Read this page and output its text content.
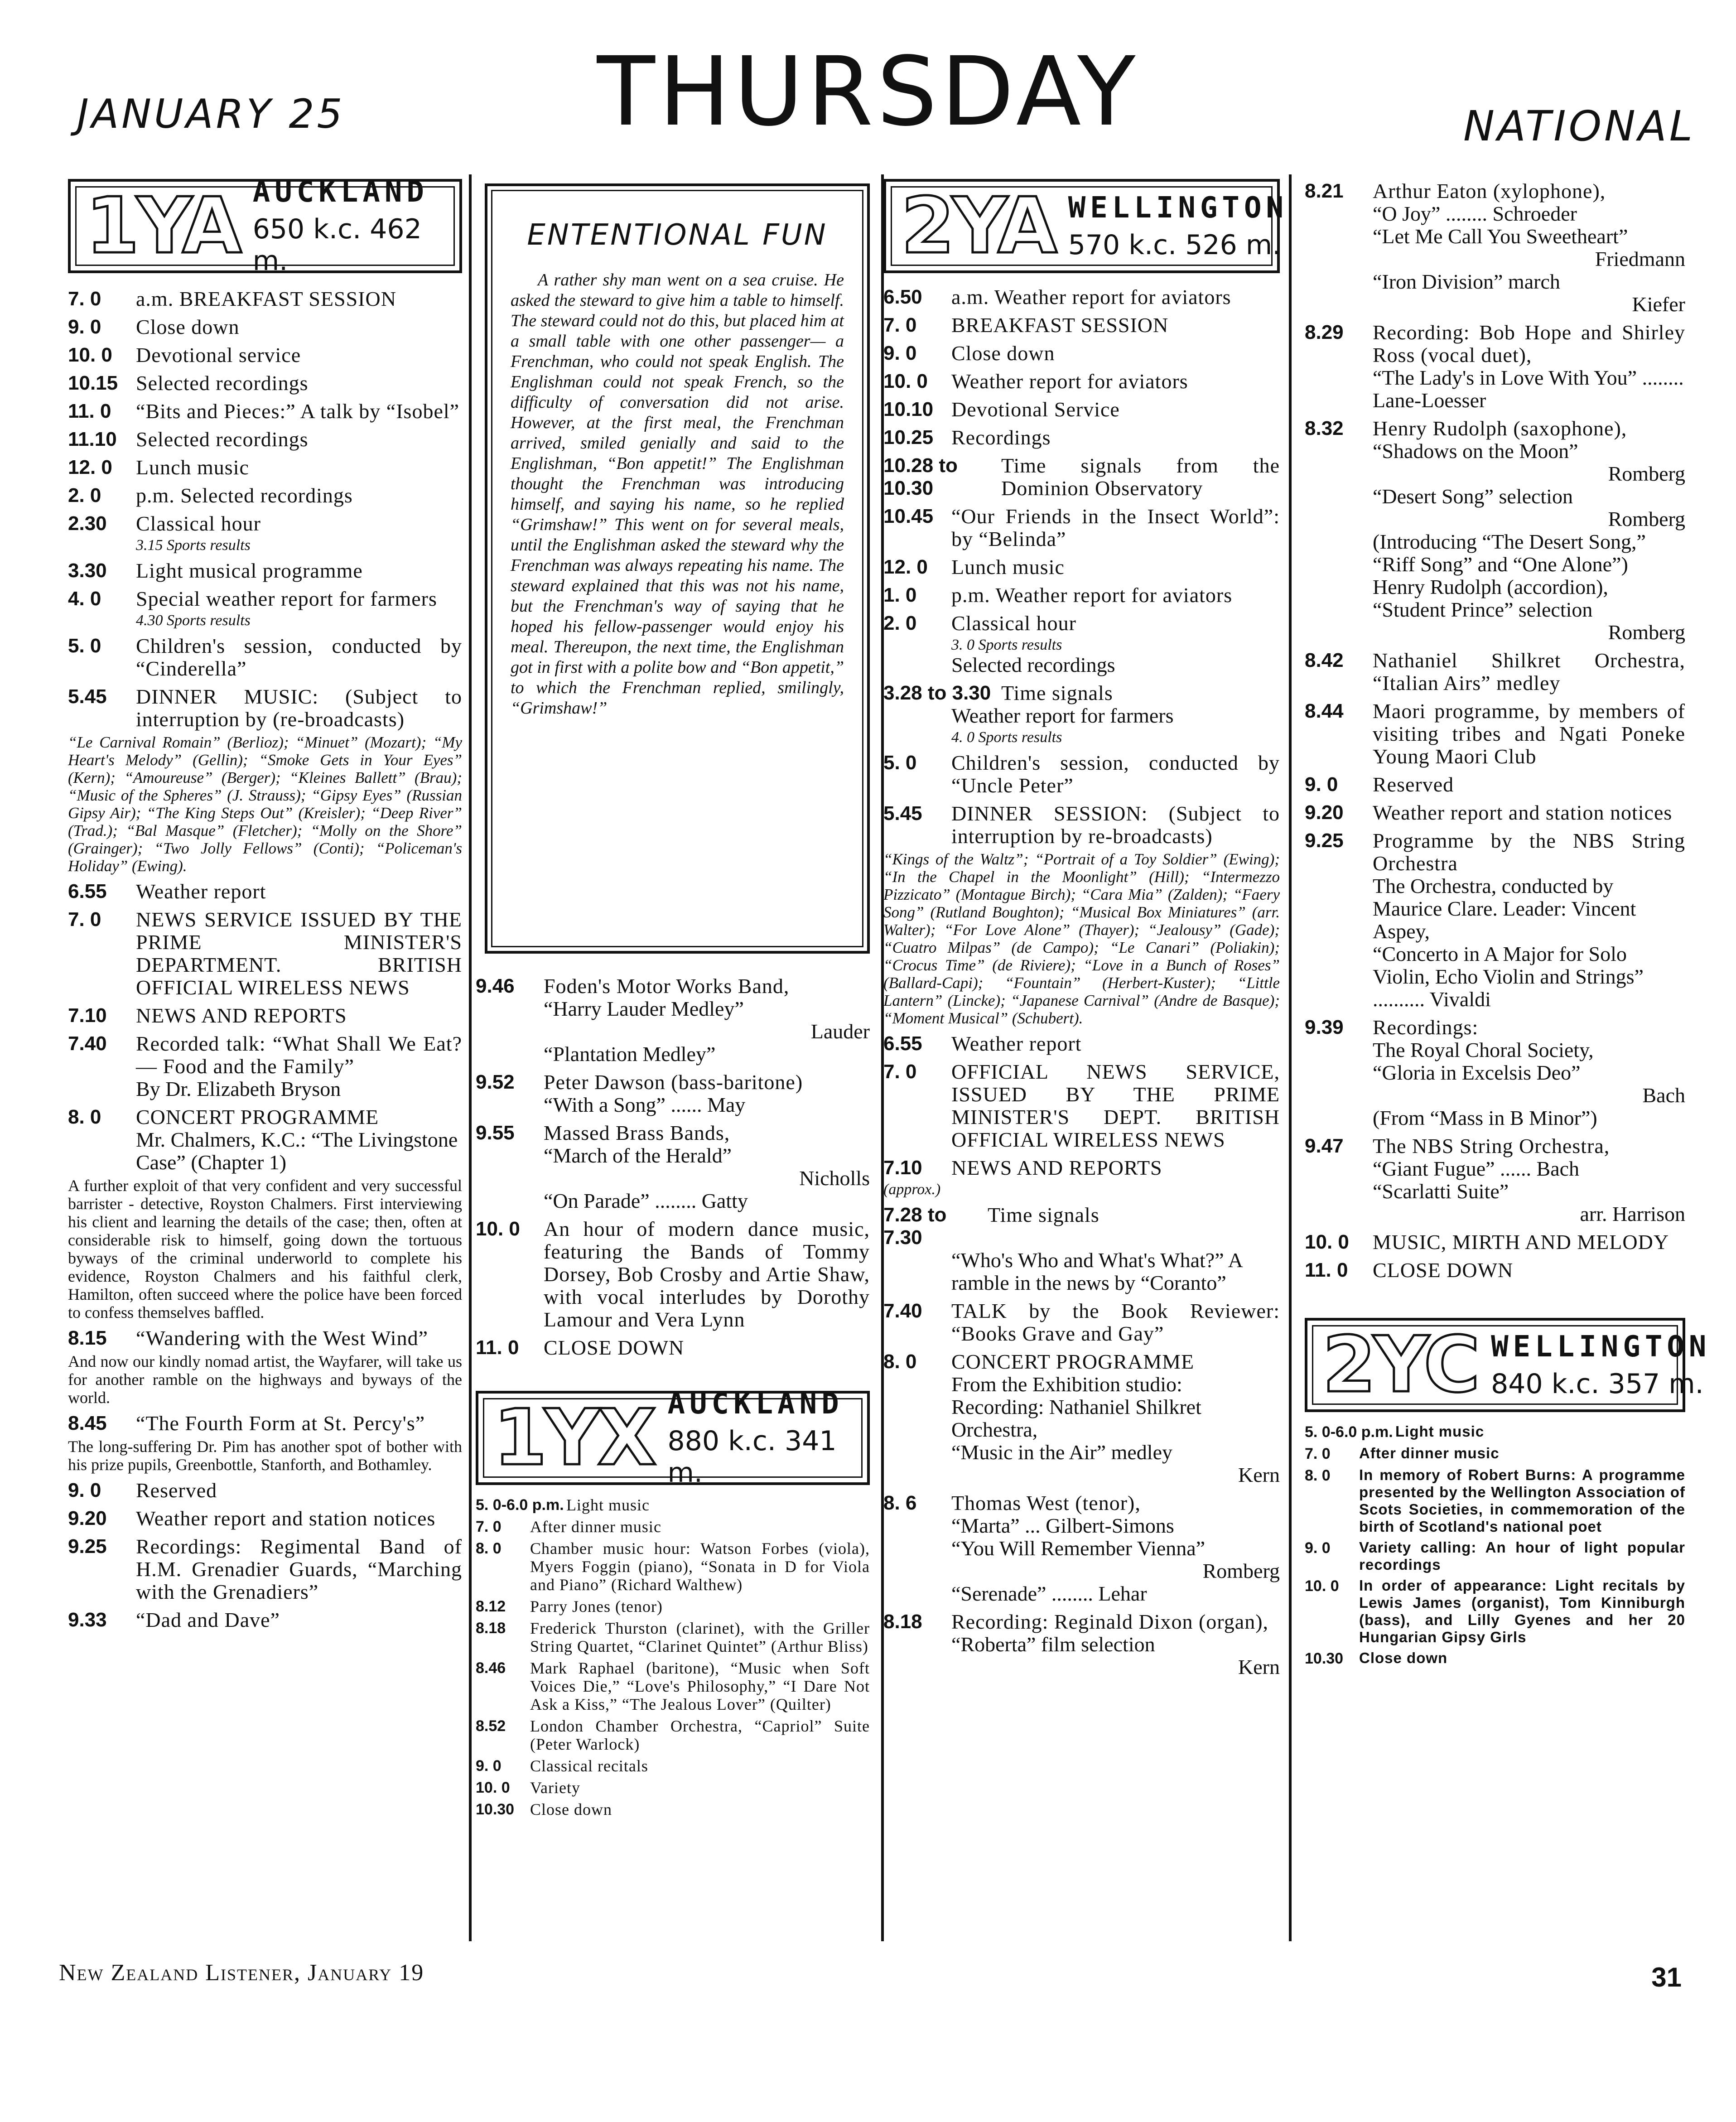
JANUARY 25	THURSDAY	NATIONAL
1YA AUCKLAND
650 k.c. 462 m.
7. 0	a.m. BREAKFAST SESSION
9. 0	Close down
10. 0	Devotional service
10.15 Selected recordings
11. 0	“Bits and Pieces:” A talk by “Isobel”
11.10 Selected recordings
12. 0	Lunch music
2. 0	p.m. Selected recordings
2.30	Classical hour
3.15 Sports results
3.30	Light musical programme
4. 0	Special weather report for farmers
4.30 Sports results
5. 0	Children's session, conducted by “Cinderella”
5.45	DINNER MUSIC: (Subject to interruption by (re-broadcasts)
“Le Carnival Romain” (Berlioz); “Minuet” (Mozart); “My Heart's Melody” (Gellin); “Smoke Gets in Your Eyes” (Kern); “Amoureuse” (Berger); “Kleines Ballett” (Brau); “Music of the Spheres” (J. Strauss); “Gipsy Eyes” (Russian Gipsy Air); “The King Steps Out” (Kreisler); “Deep River” (Trad.); “Bal Masque” (Fletcher); “Molly on the Shore” (Grainger); “Two Jolly Fellows” (Conti); “Policeman's Holiday” (Ewing).
6.55	Weather report
7. 0	NEWS SERVICE ISSUED BY THE PRIME MINISTER'S DEPARTMENT. BRITISH OFFICIAL WIRELESS NEWS
7.10	NEWS AND REPORTS
7.40	Recorded talk: “What Shall We Eat? — Food and the Family”
By Dr. Elizabeth Bryson
8. 0	CONCERT PROGRAMME
Mr. Chalmers, K.C.: “The Livingstone Case” (Chapter 1)
A further exploit of that very confident and very successful barrister - detective, Royston Chalmers. First interviewing his client and learning the details of the case; then, often at considerable risk to himself, going down the tortuous byways of the criminal underworld to complete his evidence, Royston Chalmers and his faithful clerk, Hamilton, often succeed where the police have been forced to confess themselves baffled.
8.15	“Wandering with the West Wind”
And now our kindly nomad artist, the Wayfarer, will take us for another ramble on the highways and byways of the world.
8.45	“The Fourth Form at St. Percy's”
The long-suffering Dr. Pim has another spot of bother with his prize pupils, Greenbottle, Stanforth, and Bothamley.
9. 0	Reserved
9.20	Weather report and station notices
9.25	Recordings: Regimental Band of H.M. Grenadier Guards, “Marching with the Grenadiers”
9.33	“Dad and Dave”
ENTENTIONAL FUN
A rather shy man went on a sea cruise. He asked the steward to give him a table to himself. The steward could not do this, but placed him at a small table with one other passenger— a Frenchman, who could not speak English. The Englishman could not speak French, so the difficulty of conversation did not arise. However, at the first meal, the Frenchman arrived, smiled genially and said to the Englishman, “Bon appetit!” The Englishman thought the Frenchman was introducing himself, and saying his name, so he replied “Grimshaw!” This went on for several meals, until the Englishman asked the steward why the Frenchman was always repeating his name. The steward explained that this was not his name, but the Frenchman's way of saying that he hoped his fellow-passenger would enjoy his meal. Thereupon, the next time, the Englishman got in first with a polite bow and “Bon appetit,” to which the Frenchman replied, smilingly, “Grimshaw!”
9.46	Foden's Motor Works Band,
“Harry Lauder Medley”
Lauder
“Plantation Medley”
9.52	Peter Dawson (bass-baritone)
“With a Song” ...... May
9.55	Massed Brass Bands,
“March of the Herald”
Nicholls
“On Parade” ........ Gatty
10. 0	An hour of modern dance music, featuring the Bands of Tommy Dorsey, Bob Crosby and Artie Shaw, with vocal interludes by Dorothy Lamour and Vera Lynn
11. 0	CLOSE DOWN
1YX AUCKLAND
880 k.c. 341 m.
5. 0-6.0 p.m. Light music
7. 0	After dinner music
8. 0	Chamber music hour: Watson Forbes (viola), Myers Foggin (piano), “Sonata in D for Viola and Piano” (Richard Walthew)
8.12	Parry Jones (tenor)
8.18	Frederick Thurston (clarinet), with the Griller String Quartet, “Clarinet Quintet” (Arthur Bliss)
8.46	Mark Raphael (baritone), “Music when Soft Voices Die,” “Love's Philosophy,” “I Dare Not Ask a Kiss,” “The Jealous Lover” (Quilter)
8.52	London Chamber Orchestra, “Capriol” Suite (Peter Warlock)
9. 0	Classical recitals
10. 0	Variety
10.30 Close down
2YA WELLINGTON
570 k.c. 526 m.
6.50	a.m. Weather report for aviators
7. 0	BREAKFAST SESSION
9. 0	Close down
10. 0	Weather report for aviators
10.10 Devotional Service
10.25 Recordings
10.28 to 10.30
Time signals from the Dominion Observatory
10.45 “Our Friends in the Insect World”: by “Belinda”
12. 0	Lunch music
1. 0	p.m. Weather report for aviators
2. 0	Classical hour
3. 0 Sports results
Selected recordings
3.28 to 3.30 Time signals
Weather report for farmers
4. 0 Sports results
5. 0	Children's session, conducted by “Uncle Peter”
5.45	DINNER SESSION: (Subject to interruption by re-broadcasts)
“Kings of the Waltz”; “Portrait of a Toy Soldier” (Ewing); “In the Chapel in the Moonlight” (Hill); “Intermezzo Pizzicato” (Montague Birch); “Cara Mia” (Zalden); “Faery Song” (Rutland Boughton); “Musical Box Miniatures” (arr. Walter); “For Love Alone” (Thayer); “Jealousy” (Gade); “Cuatro Milpas” (de Campo); “Le Canari” (Poliakin); “Crocus Time” (de Riviere); “Love in a Bunch of Roses” (Ballard-Capi); “Fountain” (Herbert-Kuster); “Little Lantern” (Lincke); “Japanese Carnival” (Andre de Basque); “Moment Musical” (Schubert).
6.55	Weather report
7. 0	OFFICIAL NEWS SERVICE, ISSUED BY THE PRIME MINISTER'S DEPT. BRITISH OFFICIAL WIRELESS NEWS
7.10	NEWS AND REPORTS
(approx.)
7.28 to 7.30
Time signals
“Who's Who and What's What?” A ramble in the news by “Coranto”
7.40	TALK by the Book Reviewer: “Books Grave and Gay”
8. 0	CONCERT PROGRAMME
From the Exhibition studio: Recording: Nathaniel Shilkret Orchestra,
“Music in the Air” medley
Kern
8. 6	Thomas West (tenor),
“Marta” ... Gilbert-Simons
“You Will Remember Vienna”
Romberg
“Serenade” ........ Lehar
8.18	Recording: Reginald Dixon (organ),
“Roberta” film selection
Kern
8.21	Arthur Eaton (xylophone),
“O Joy” ........ Schroeder
“Let Me Call You Sweetheart”
Friedmann
“Iron Division” march
Kiefer
8.29	Recording: Bob Hope and Shirley Ross (vocal duet),
“The Lady's in Love With You” ........ Lane-Loesser
8.32	Henry Rudolph (saxophone),
“Shadows on the Moon”
Romberg
“Desert Song” selection
Romberg
(Introducing “The Desert Song,” “Riff Song” and “One Alone”)
Henry Rudolph (accordion),
“Student Prince” selection
Romberg
8.42	Nathaniel Shilkret Orchestra, “Italian Airs” medley
8.44	Maori programme, by members of visiting tribes and Ngati Poneke Young Maori Club
9. 0	Reserved
9.20	Weather report and station notices
9.25	Programme by the NBS String Orchestra
The Orchestra, conducted by Maurice Clare. Leader: Vincent Aspey,
“Concerto in A Major for Solo Violin, Echo Violin and Strings” .......... Vivaldi
9.39	Recordings:
The Royal Choral Society,
“Gloria in Excelsis Deo”
Bach
(From “Mass in B Minor”)
9.47	The NBS String Orchestra,
“Giant Fugue” ...... Bach
“Scarlatti Suite”
arr. Harrison
10. 0	MUSIC, MIRTH AND MELODY
11. 0	CLOSE DOWN
2YC WELLINGTON
840 k.c. 357 m.
5. 0-6.0 p.m. Light music
7. 0	After dinner music
8. 0	In memory of Robert Burns: A programme presented by the Wellington Association of Scots Societies, in commemoration of the birth of Scotland's national poet
9. 0	Variety calling: An hour of light popular recordings
10. 0	In order of appearance: Light recitals by Lewis James (organist), Tom Kinniburgh (bass), and Lilly Gyenes and her 20 Hungarian Gipsy Girls
10.30	Close down
New Zealand Listener, January 19	31
